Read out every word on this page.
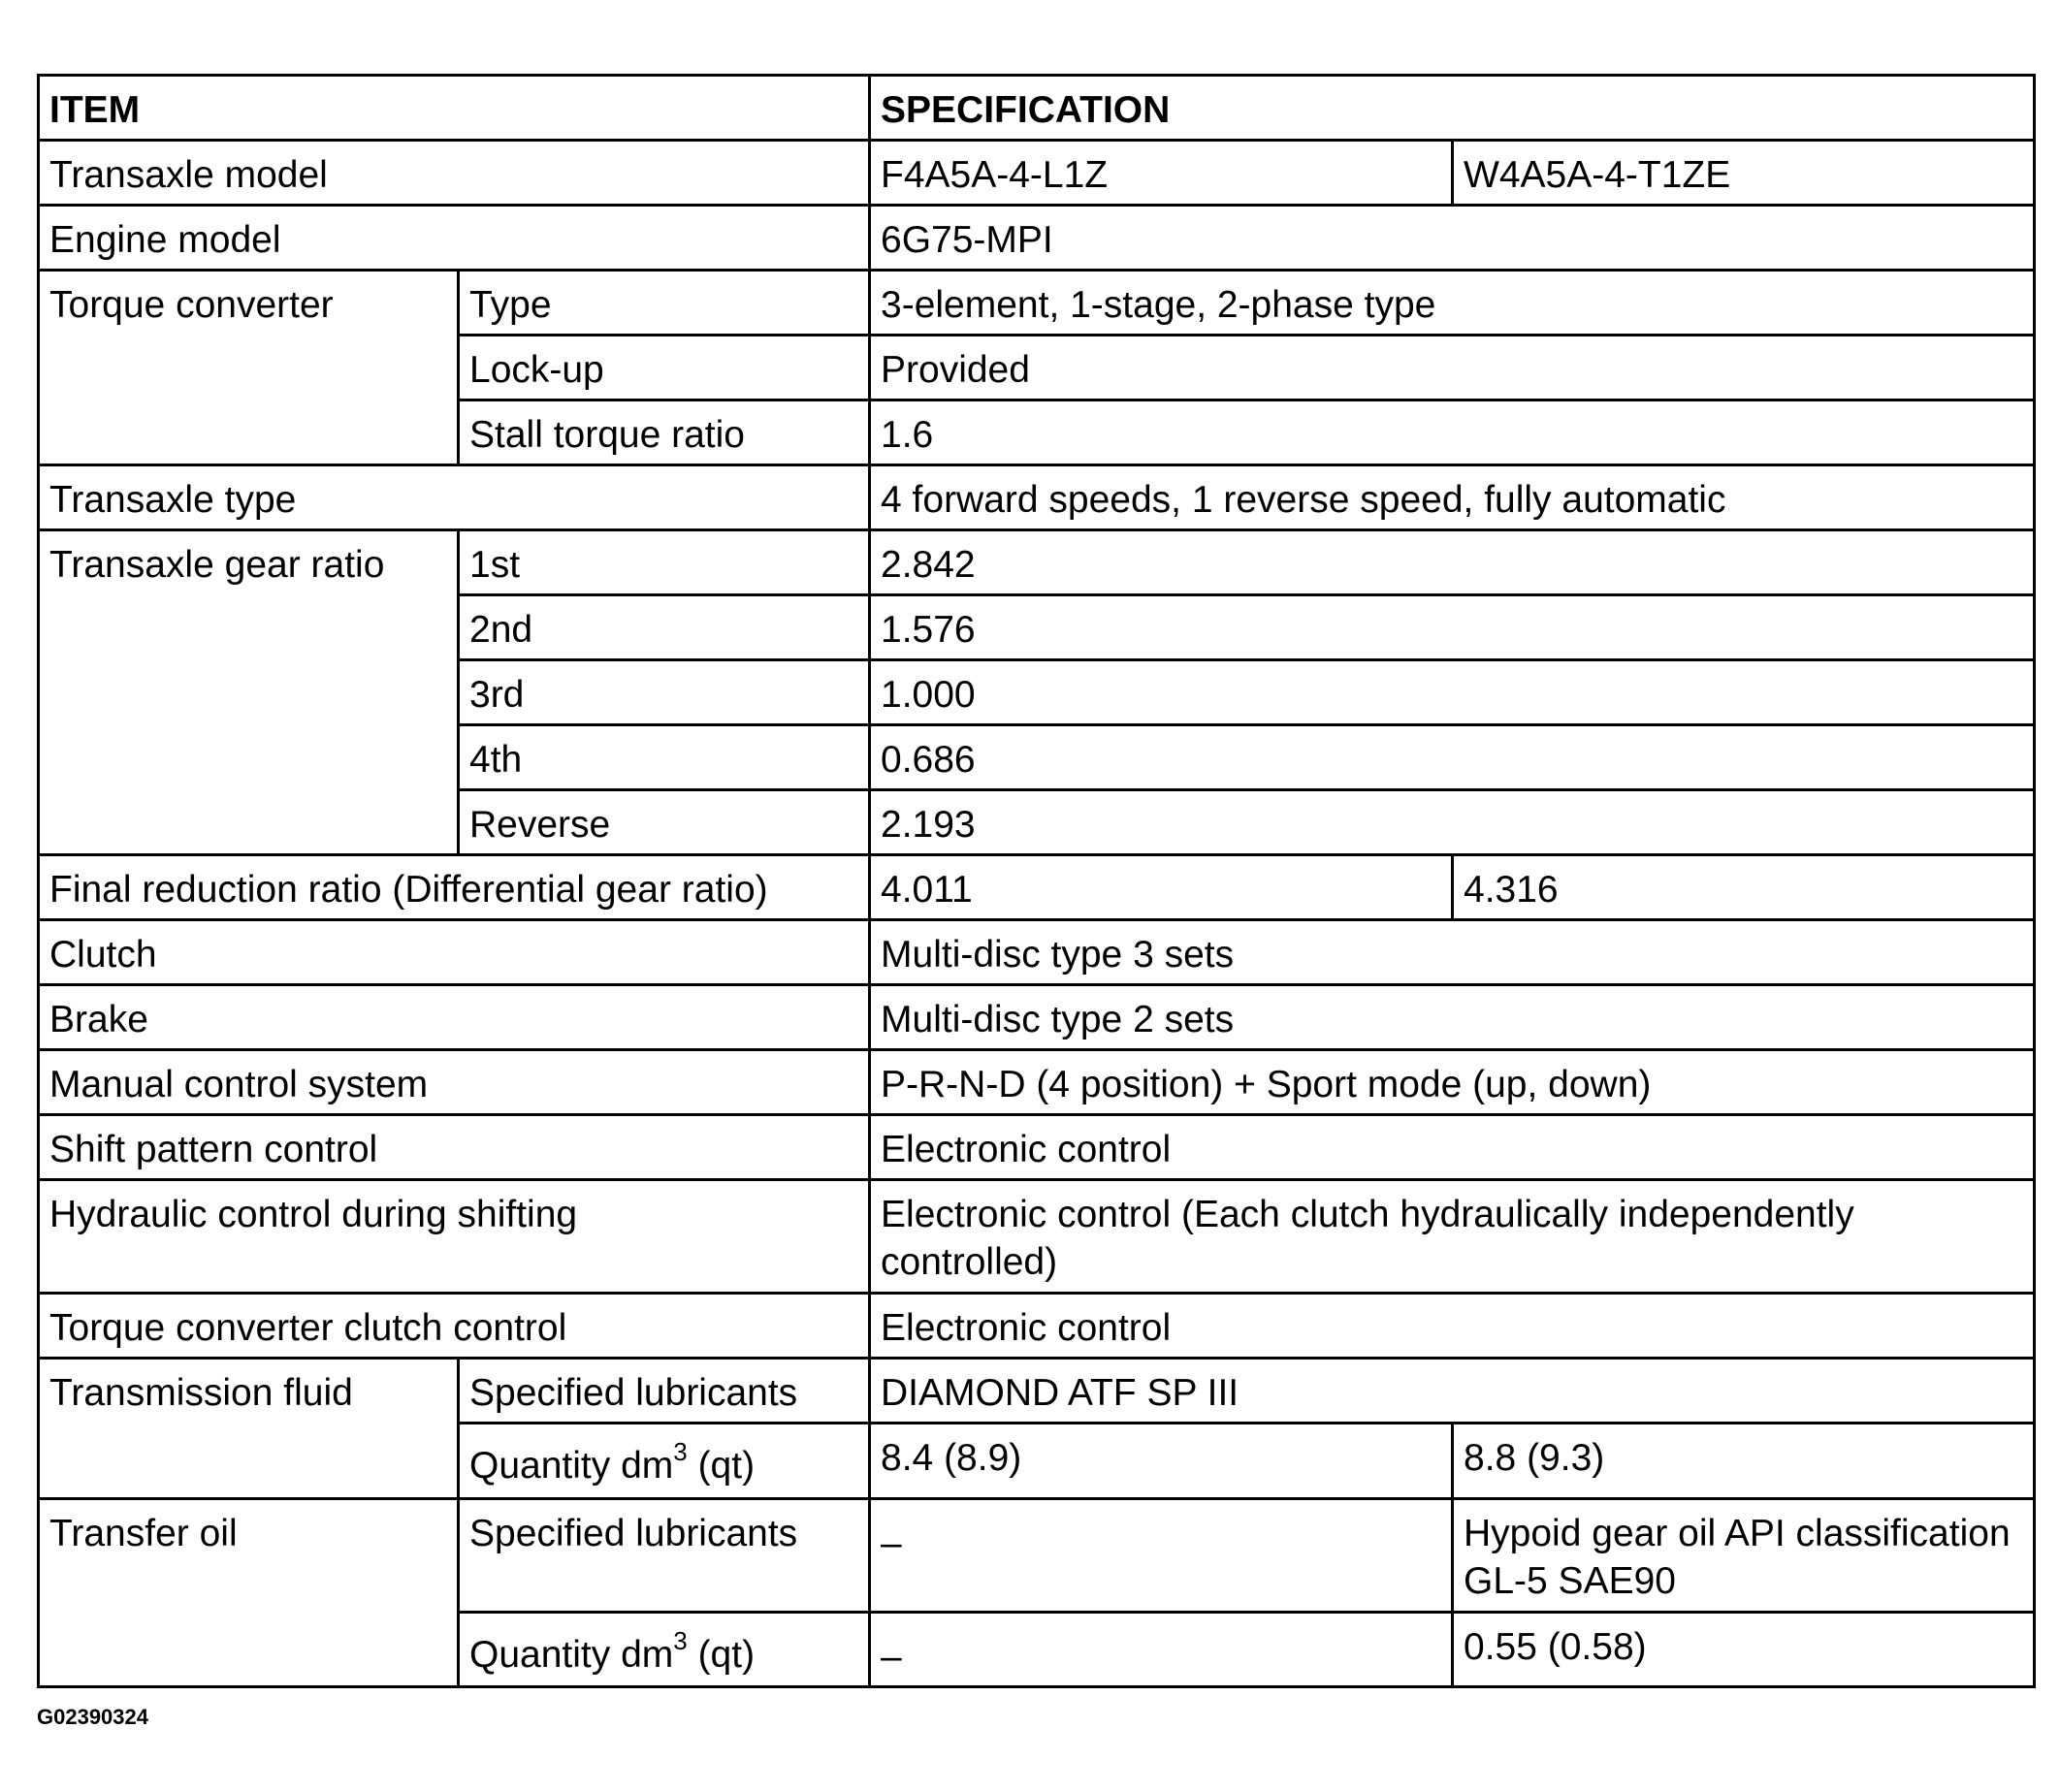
ITEM		SPECIFICATION	
Transaxle model		F4A5A-4-L1Z	W4A5A-4-T1ZE
Engine model		6G75-MPI	
Torque converter	Type	3-element, 1-stage, 2-phase type	
	Lock-up	Provided	
	Stall torque ratio	1.6	
Transaxle type		4 forward speeds, 1 reverse speed, fully automatic	
Transaxle gear ratio	1st	2.842	
	2nd	1.576	
	3rd	1.000	
	4th	0.686	
	Reverse	2.193	
Final reduction ratio (Differential gear ratio)		4.011	4.316
Clutch		Multi-disc type 3 sets	
Brake		Multi-disc type 2 sets	
Manual control system		P-R-N-D (4 position) + Sport mode (up, down)	
Shift pattern control		Electronic control	
Hydraulic control during shifting		Electronic control (Each clutch hydraulically independently controlled)	
Torque converter clutch control		Electronic control	
Transmission fluid	Specified lubricants	DIAMOND ATF SP III	
	Quantity $dm^3$ (qt)	8.4 (8.9)	8.8 (9.3)
Transfer oil	Specified lubricants	–	Hypoid gear oil API classification GL-5 SAE90
	Quantity $dm^3$ (qt)	–	0.55 (0.58)
G02390324
